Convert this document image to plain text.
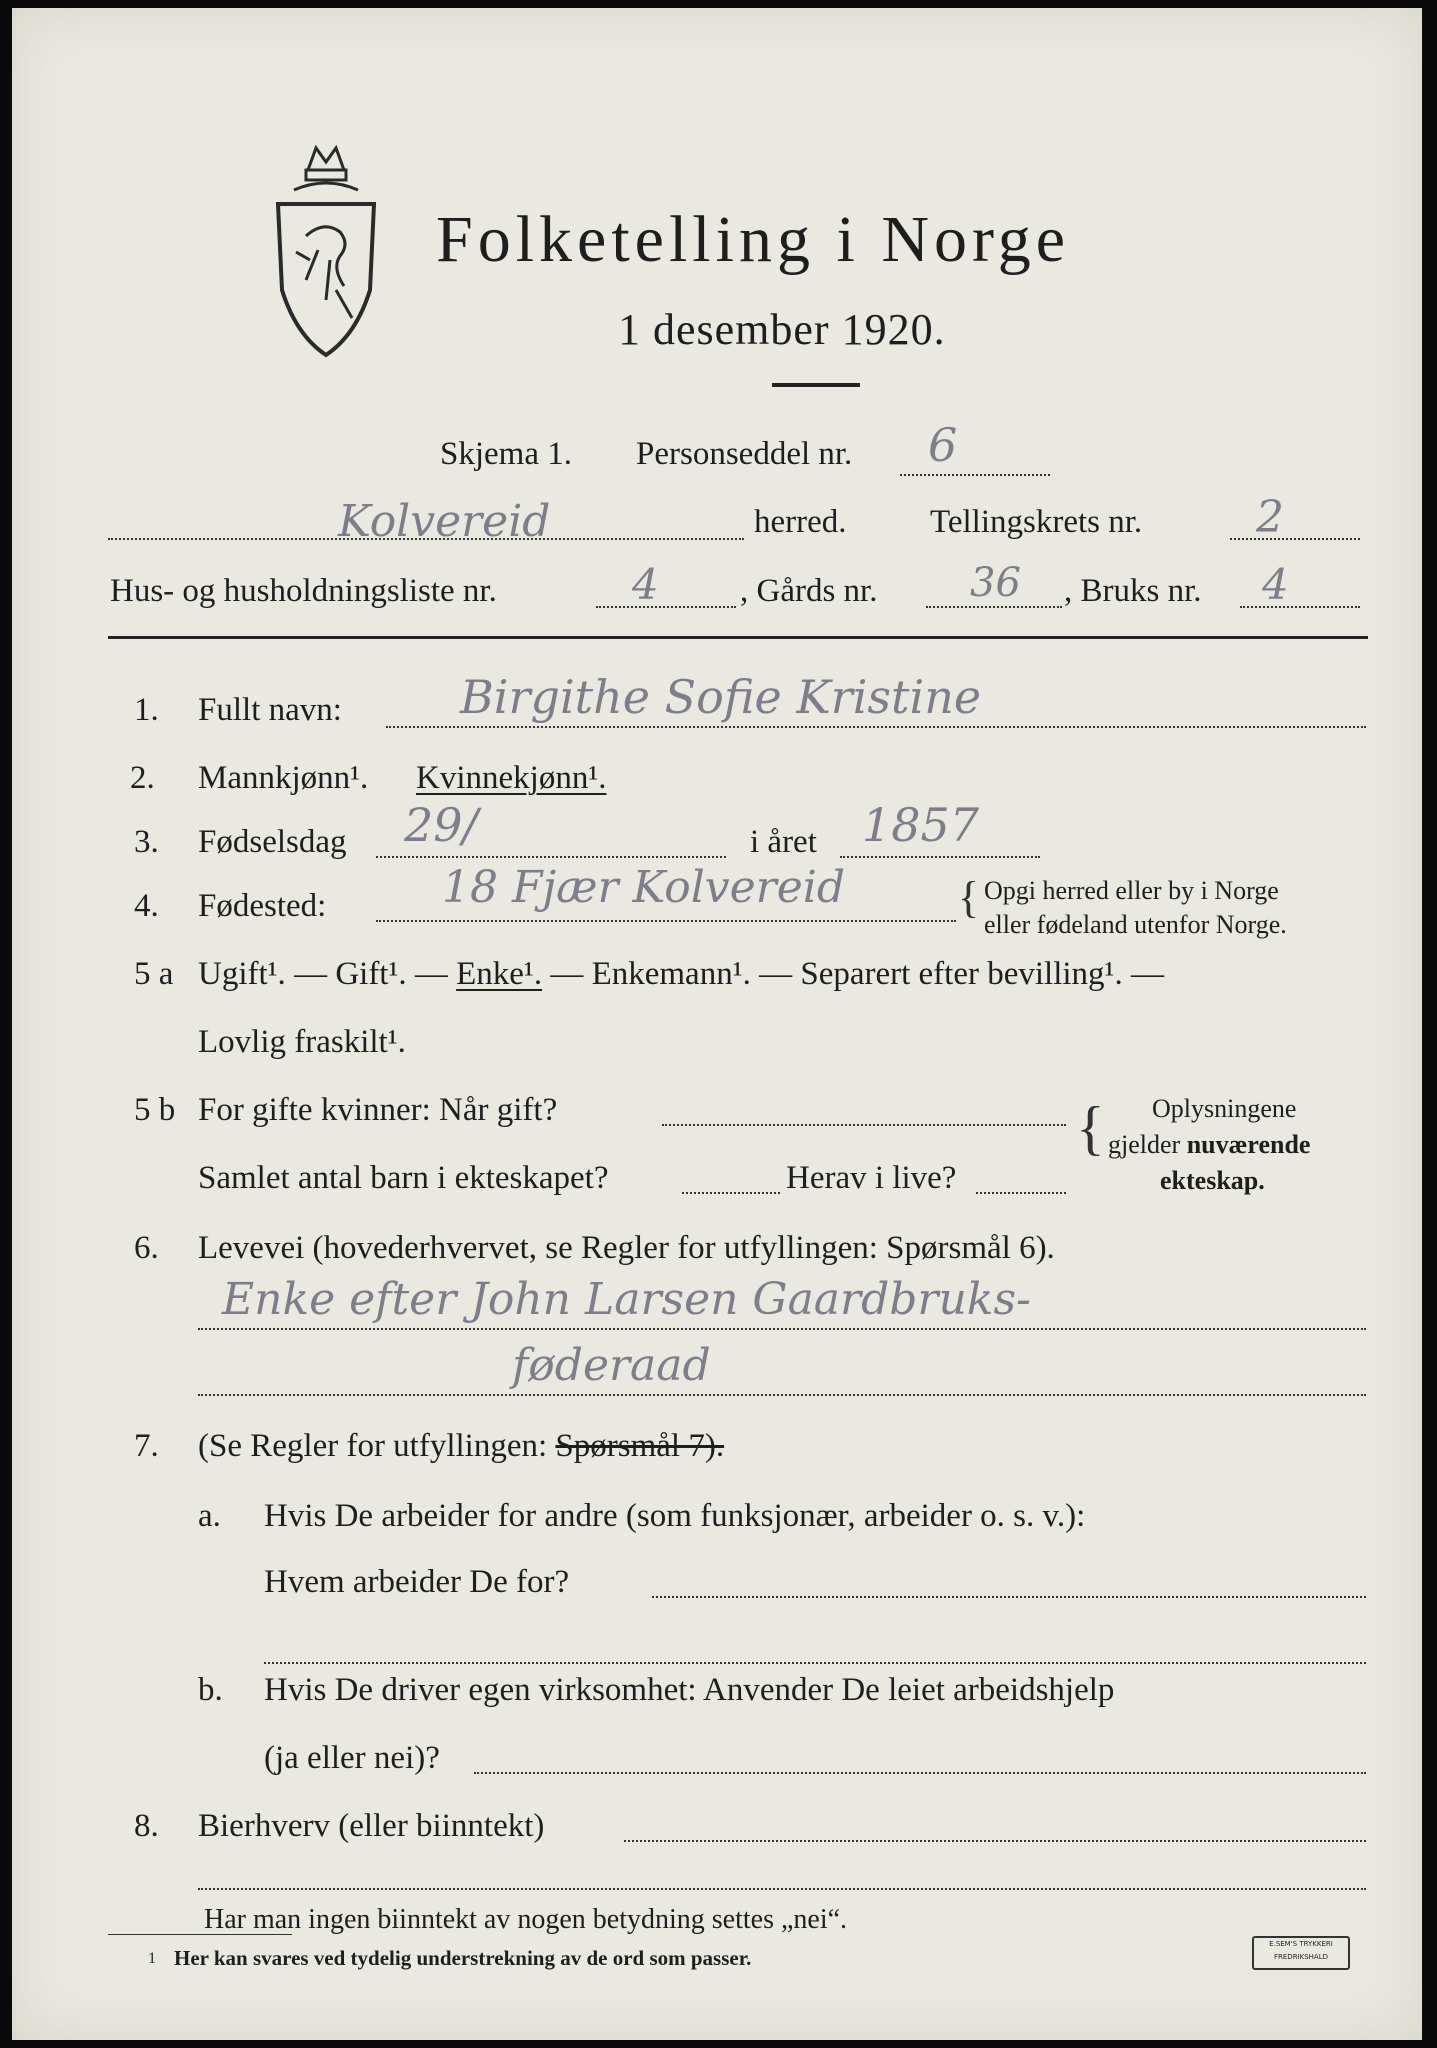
Folketelling i Norge
1 desember 1920.
Skjema 1. Personseddel nr. 6
Kolvereid	herred.	Tellingskrets nr.	2
Hus- og husholdningsliste nr.	4 , Gårds nr. 36 , Bruks nr. 4
1. Fullt navn:	Birgithe Sofie Kristine
2. Mannkjønn¹. Kvinnekjønn¹.
3. Fødselsdag 29/	i året 1857
4. Fødested:	18 Fjær Kolvereid	{ Opgi herred eller by i Norge
eller fødeland utenfor Norge.
5 a Ugift¹. — Gift¹. — Enke¹. — Enkemann¹. — Separert efter bevilling¹. —
Lovlig fraskilt¹.
5 b For gifte kvinner: Når gift?
Samlet antal barn i ekteskapet?	Herav i live?
{ Oplysningene
gjelder nuværende
ekteskap.
6. Levevei (hovederhvervet, se Regler for utfyllingen: Spørsmål 6).
Enke efter John Larsen Gaardbruks-
føderaad
7. (Se Regler for utfyllingen: Spørsmål 7).
a. Hvis De arbeider for andre (som funksjonær, arbeider o. s. v.):
Hvem arbeider De for?
b. Hvis De driver egen virksomhet: Anvender De leiet arbeidshjelp
(ja eller nei)?
8. Bierhverv (eller biinntekt)
Har man ingen biinntekt av nogen betydning settes „nei“.
1 Her kan svares ved tydelig understrekning av de ord som passer.
E.SEM'S TRYKKERI
FREDRIKSHALD
